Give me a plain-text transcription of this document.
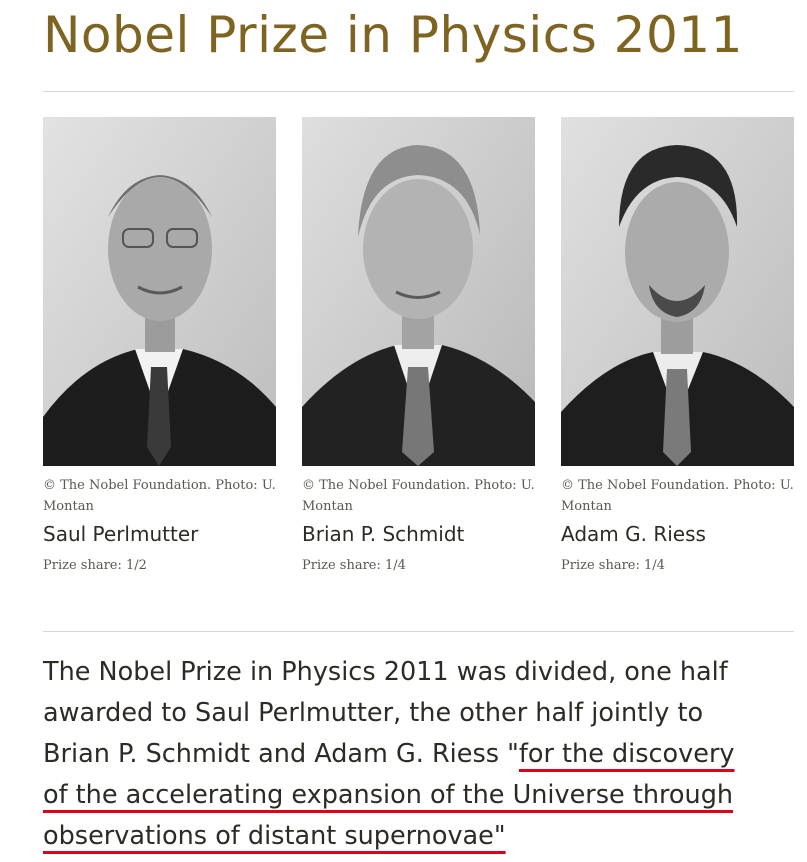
Nobel Prize in Physics 2011
© The Nobel Foundation. Photo: U. Montan
Saul Perlmutter
Prize share: 1/2
© The Nobel Foundation. Photo: U. Montan
Brian P. Schmidt
Prize share: 1/4
© The Nobel Foundation. Photo: U. Montan
Adam G. Riess
Prize share: 1/4

The Nobel Prize in Physics 2011 was divided, one half
awarded to Saul Perlmutter, the other half jointly to
Brian P. Schmidt and Adam G. Riess "for the discovery
of the accelerating expansion of the Universe through
observations of distant supernovae"
